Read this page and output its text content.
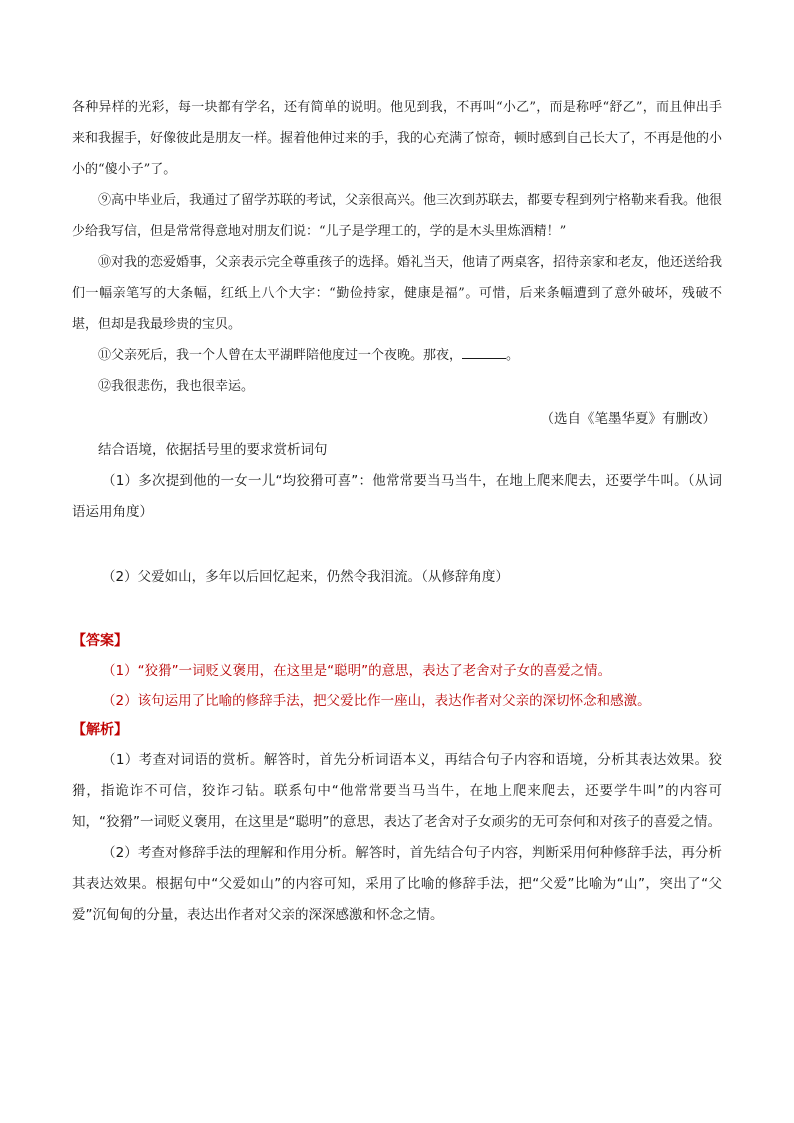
各种异样的光彩，每一块都有学名，还有简单的说明。他见到我，不再叫“小乙”，而是称呼“舒乙”，而且伸出手来和我握手，好像彼此是朋友一样。握着他伸过来的手，我的心充满了惊奇，顿时感到自己长大了，不再是他的小小的“傻小子”了。

⑨高中毕业后，我通过了留学苏联的考试，父亲很高兴。他三次到苏联去，都要专程到列宁格勒来看我。他很少给我写信，但是常常得意地对朋友们说：“儿子是学理工的，学的是木头里炼酒精！”

⑩对我的恋爱婚事，父亲表示完全尊重孩子的选择。婚礼当天，他请了两桌客，招待亲家和老友，他还送给我们一幅亲笔写的大条幅，红纸上八个大字：“勤俭持家，健康是福”。可惜，后来条幅遭到了意外破坏，残破不堪，但却是我最珍贵的宝贝。

⑪父亲死后，我一个人曾在太平湖畔陪他度过一个夜晚。那夜，	。

⑫我很悲伤，我也很幸运。

（选自《笔墨华夏》有删改）

结合语境，依据括号里的要求赏析词句

（1）多次提到他的一女一儿“均狡猾可喜”：他常常要当马当牛，在地上爬来爬去，还要学牛叫。（从词语运用角度）

（2）父爱如山，多年以后回忆起来，仍然令我泪流。（从修辞角度）

【答案】

（1）“狡猾”一词贬义褒用，在这里是“聪明”的意思，表达了老舍对子女的喜爱之情。

（2）该句运用了比喻的修辞手法，把父爱比作一座山，表达作者对父亲的深切怀念和感激。

【解析】

（1）考查对词语的赏析。解答时，首先分析词语本义，再结合句子内容和语境，分析其表达效果。狡猾，指诡诈不可信，狡诈刁钻。联系句中“他常常要当马当牛，在地上爬来爬去，还要学牛叫”的内容可知，“狡猾”一词贬义褒用，在这里是“聪明”的意思，表达了老舍对子女顽劣的无可奈何和对孩子的喜爱之情。

（2）考查对修辞手法的理解和作用分析。解答时，首先结合句子内容，判断采用何种修辞手法，再分析其表达效果。根据句中“父爱如山”的内容可知，采用了比喻的修辞手法，把“父爱”比喻为“山”，突出了“父爱”沉甸甸的分量，表达出作者对父亲的深深感激和怀念之情。
